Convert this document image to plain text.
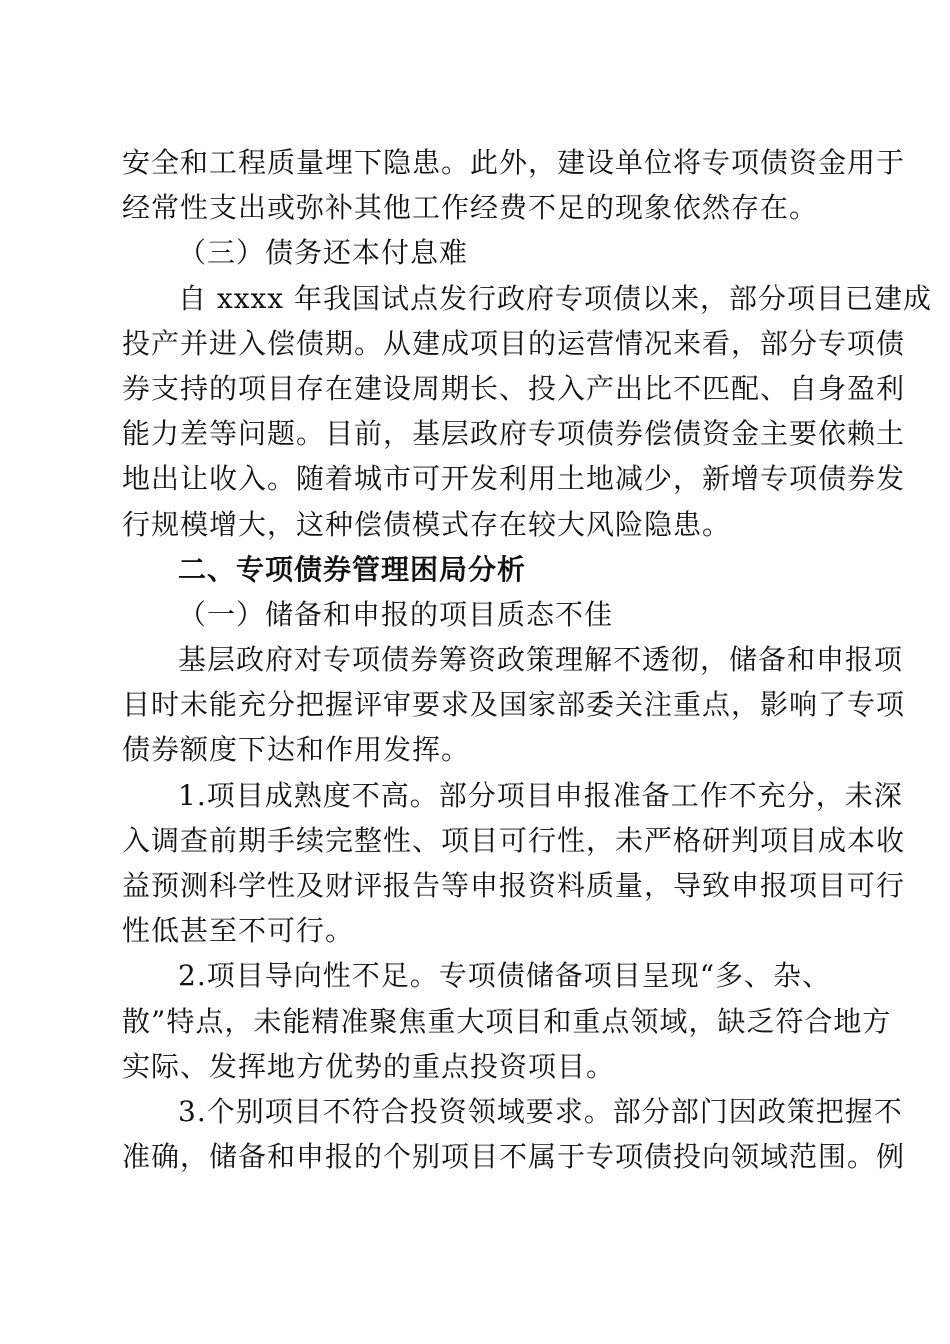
安全和工程质量埋下隐患。此外，建设单位将专项债资金用于
经常性支出或弥补其他工作经费不足的现象依然存在。
（三）债务还本付息难
自 xxxx 年我国试点发行政府专项债以来，部分项目已建成
投产并进入偿债期。从建成项目的运营情况来看，部分专项债
券支持的项目存在建设周期长、投入产出比不匹配、自身盈利
能力差等问题。目前，基层政府专项债券偿债资金主要依赖土
地出让收入。随着城市可开发利用土地减少，新增专项债券发
行规模增大，这种偿债模式存在较大风险隐患。
二、专项债券管理困局分析
（一）储备和申报的项目质态不佳
基层政府对专项债券筹资政策理解不透彻，储备和申报项
目时未能充分把握评审要求及国家部委关注重点，影响了专项
债券额度下达和作用发挥。
1.项目成熟度不高。部分项目申报准备工作不充分，未深
入调查前期手续完整性、项目可行性，未严格研判项目成本收
益预测科学性及财评报告等申报资料质量，导致申报项目可行
性低甚至不可行。
2.项目导向性不足。专项债储备项目呈现“多、杂、
散”特点，未能精准聚焦重大项目和重点领域，缺乏符合地方
实际、发挥地方优势的重点投资项目。
3.个别项目不符合投资领域要求。部分部门因政策把握不
准确，储备和申报的个别项目不属于专项债投向领域范围。例
